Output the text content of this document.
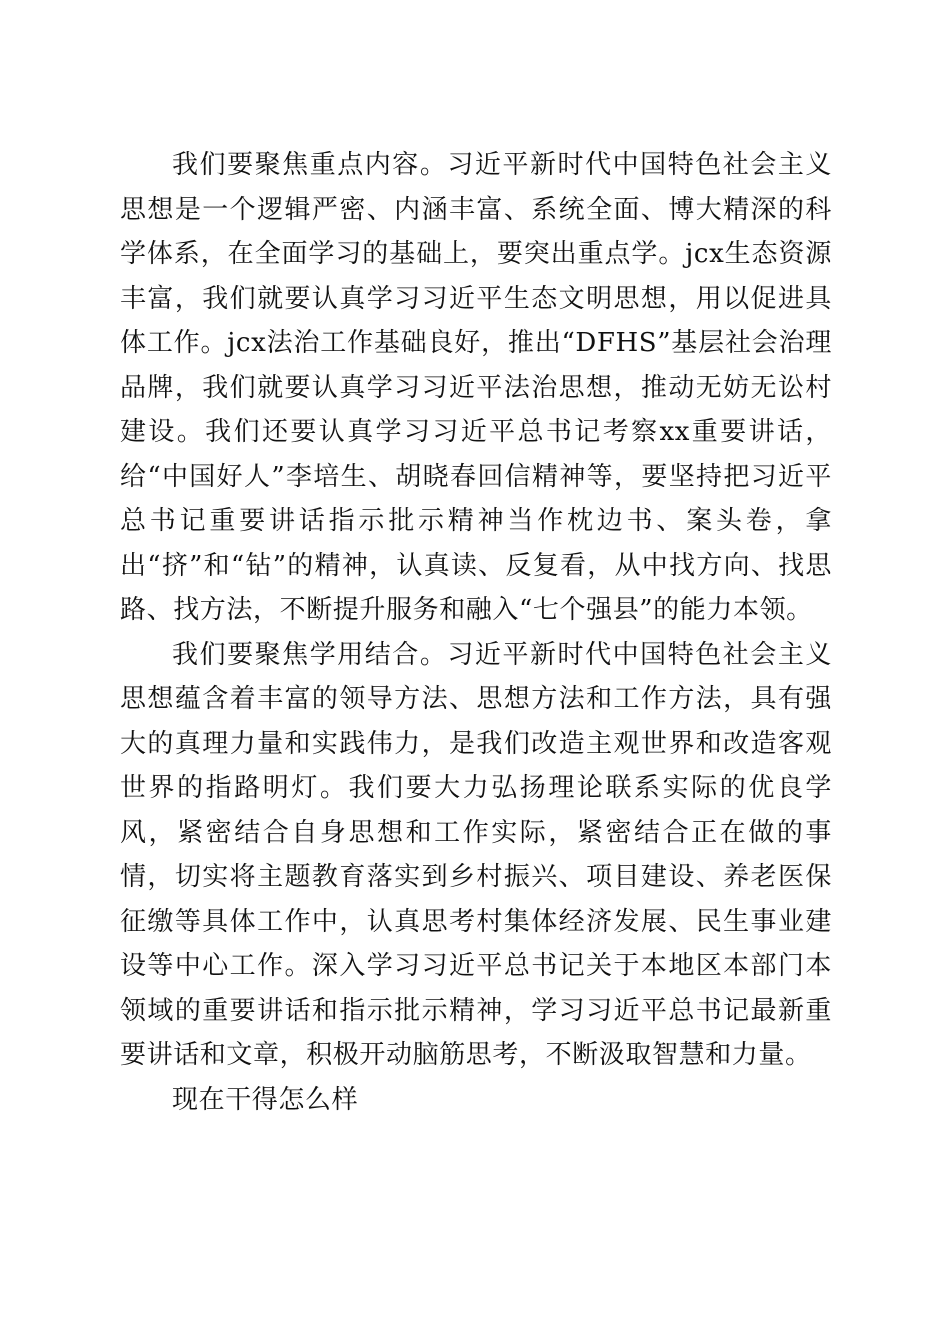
我们要聚焦重点内容。习近平新时代中国特色社会主义思想是一个逻辑严密、内涵丰富、系统全面、博大精深的科学体系，在全面学习的基础上，要突出重点学。jcx生态资源丰富，我们就要认真学习习近平生态文明思想，用以促进具体工作。jcx法治工作基础良好，推出“DFHS”基层社会治理品牌，我们就要认真学习习近平法治思想，推动无妨无讼村建设。我们还要认真学习习近平总书记考察xx重要讲话，给“中国好人”李培生、胡晓春回信精神等，要坚持把习近平总书记重要讲话指示批示精神当作枕边书、案头卷，拿出“挤”和“钻”的精神，认真读、反复看，从中找方向、找思路、找方法，不断提升服务和融入“七个强县”的能力本领。

我们要聚焦学用结合。习近平新时代中国特色社会主义思想蕴含着丰富的领导方法、思想方法和工作方法，具有强大的真理力量和实践伟力，是我们改造主观世界和改造客观世界的指路明灯。我们要大力弘扬理论联系实际的优良学风，紧密结合自身思想和工作实际，紧密结合正在做的事情，切实将主题教育落实到乡村振兴、项目建设、养老医保征缴等具体工作中，认真思考村集体经济发展、民生事业建设等中心工作。深入学习习近平总书记关于本地区本部门本领域的重要讲话和指示批示精神，学习习近平总书记最新重要讲话和文章，积极开动脑筋思考，不断汲取智慧和力量。

现在干得怎么样
